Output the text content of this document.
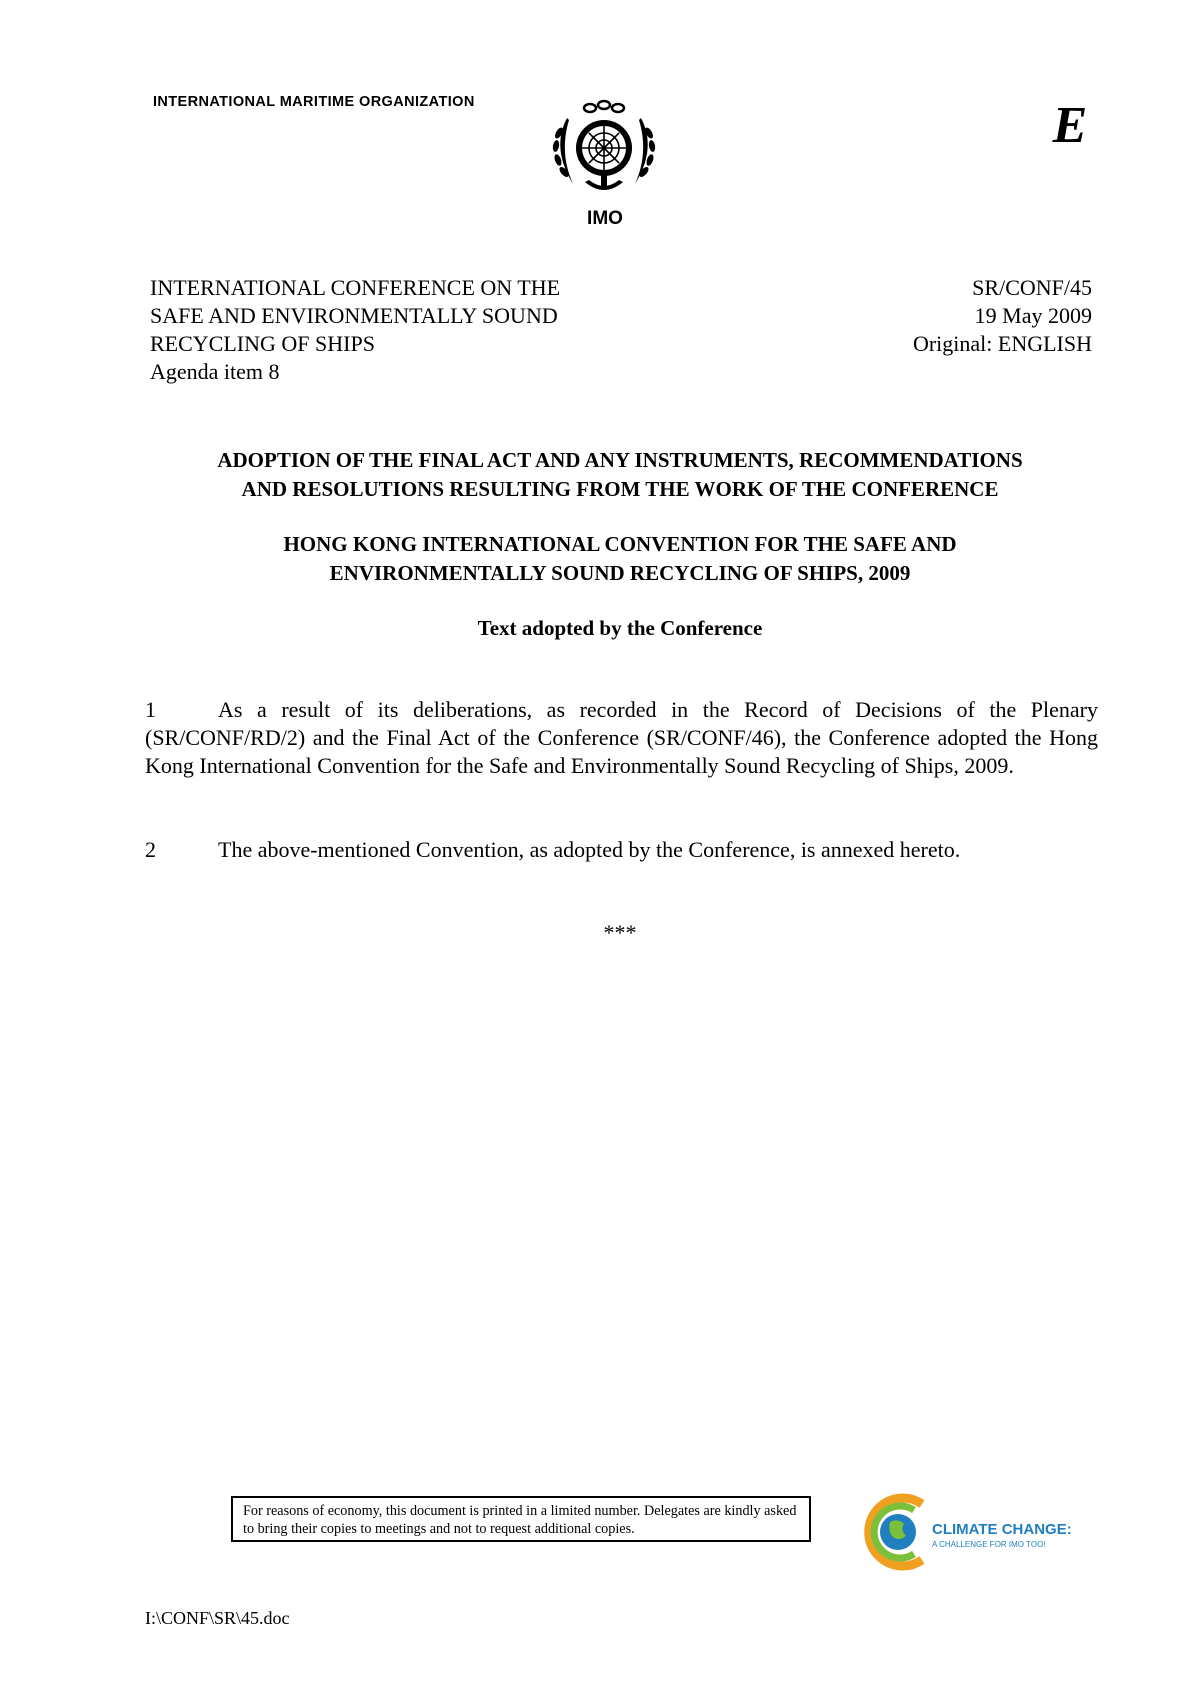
INTERNATIONAL MARITIME ORGANIZATION
IMO
E
INTERNATIONAL CONFERENCE ON THE
SAFE AND ENVIRONMENTALLY SOUND
RECYCLING OF SHIPS
Agenda item 8
SR/CONF/45
19 May 2009
Original: ENGLISH
ADOPTION OF THE FINAL ACT AND ANY INSTRUMENTS, RECOMMENDATIONS
AND RESOLUTIONS RESULTING FROM THE WORK OF THE CONFERENCE
HONG KONG INTERNATIONAL CONVENTION FOR THE SAFE AND
ENVIRONMENTALLY SOUND RECYCLING OF SHIPS, 2009
Text adopted by the Conference
1	As a result of its deliberations, as recorded in the Record of Decisions of the Plenary (SR/CONF/RD/2) and the Final Act of the Conference (SR/CONF/46), the Conference adopted the Hong Kong International Convention for the Safe and Environmentally Sound Recycling of Ships, 2009.
2	The above-mentioned Convention, as adopted by the Conference, is annexed hereto.
***
For reasons of economy, this document is printed in a limited number. Delegates are kindly asked to bring their copies to meetings and not to request additional copies.	CLIMATE CHANGE:
A CHALLENGE FOR IMO TOO!
I:\CONF\SR\45.doc
